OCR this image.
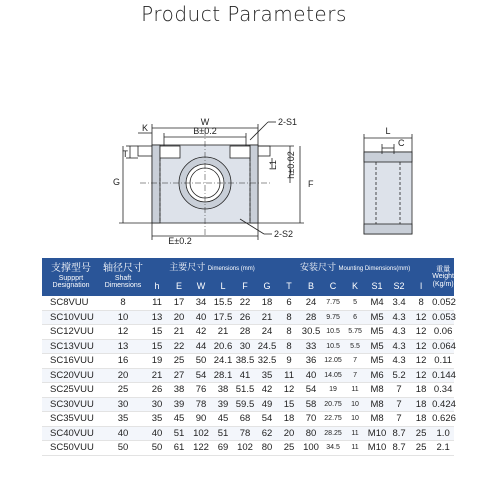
Product Parameters
W
B±0.2
K
2-S1
T
G
L1 h±0.02
F
E±0.2
2-S2
L
C
支撑型号
Suppprt
Designation	轴径尺寸
Shaft
Dimensions	主要尺寸 Dimensions (mm)						安装尺寸 Mounting Dimensions(mm)							重量
Weight
(Kg/m)

		h	E	W	L	F	G	T	B	C	K	S1	S2	l	
SC8VUU	8	11	17	34	15.5	22	18	6	24	7.75	5	M4	3.4	8	0.052
SC10VUU	10	13	20	40	17.5	26	21	8	28	9.75	6	M5	4.3	12	0.053
SC12VUU	12	15	21	42	21	28	24	8	30.5	10.5	5.75	M5	4.3	12	0.06
SC13VUU	13	15	22	44	20.6	30	24.5	8	33	10.5	5.5	M5	4.3	12	0.064
SC16VUU	16	19	25	50	24.1	38.5	32.5	9	36	12.05	7	M5	4.3	12	0.11
SC20VUU	20	21	27	54	28.1	41	35	11	40	14.05	7	M6	5.2	12	0.144
SC25VUU	25	26	38	76	38	51.5	42	12	54	19	11	M8	7	18	0.34
SC30VUU	30	30	39	78	39	59.5	49	15	58	20.75	10	M8	7	18	0.424
SC35VUU	35	35	45	90	45	68	54	18	70	22.75	10	M8	7	18	0.626
SC40VUU	40	40	51	102	51	78	62	20	80	28.25	11	M10	8.7	25	1.0
SC50VUU	50	50	61	122	69	102	80	25	100	34.5	11	M10	8.7	25	2.1
